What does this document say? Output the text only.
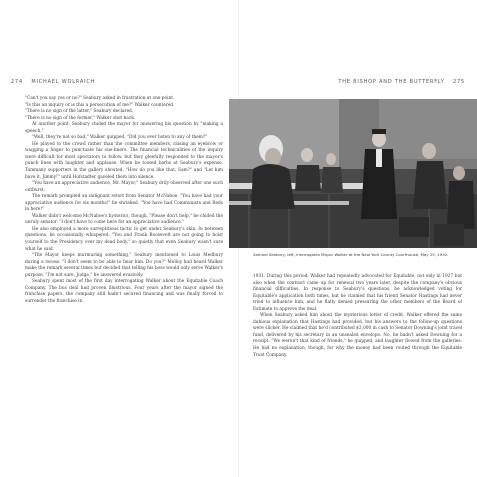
274 MICHAEL WOLRAICH

"Can't you say yes or no?" Seabury asked in frustration at one point.

"Is this an inquiry or is this a persecution of me?" Walker countered.

"There is no sign of the latter," Seabury declared.

"There is no sign of the former," Walker shot back.

At another point, Seabury chided the mayor for answering his question by "making a speech."

"Well, they're not so bad," Walker quipped. "Did you ever listen to any of them?"

He played to the crowd rather than the committee members, raising an eyebrow or wagging a finger to punctuate his one-liners. The financial technicalities of the inquiry were difficult for most spectators to follow, but they gleefully responded to the mayor's punch lines with laughter and applause. When he tossed barbs at Seabury's expense, Tammany supporters in the gallery shouted, "How do you like that, Sam?" and "Let him have it, Jimmy!" until Hofstadter gaveled them into silence.

"You have an appreciative audience, Mr. Mayor," Seabury drily observed after one such outburst.

The remark prompted an indignant retort from Senator McNaboe. "You have had your appreciative audience for six months!" he shrieked. "You have had Communists and Reds in here!"

Walker didn't welcome McNaboe's hysterics, though. "Please don't help," he chided the unruly senator. "I don't have to come here for an appreciative audience."

He also employed a more surreptitious tactic to get under Seabury's skin. In between questions, he occasionally whispered, "You and Frank Roosevelt are not going to hoist yourself to the Presidency over my dead body," so quietly that even Seabury wasn't sure what he said.

"The Mayor keeps murmuring something," Seabury mentioned to Louis Medbury during a recess. "I don't seem to be able to hear him. Do you?" Molloy had heard Walker make the remark several times but decided that telling his boss would only serve Walker's purpose. "I'm not sure, Judge," he answered evasively.

Seabury spent most of the first day interrogating Walker about the Equitable Coach Company. The bus deal had proven illustrious. Four years after the mayor signed the franchise papers, the company still hadn't secured financing and was finally forced to surrender the franchise in

THE BISHOP AND THE BUTTERFLY 275
Samuel Seabury, left, interrogates Mayor Walker at the New York County Courthouse, May 25, 1932.

1931. During this period, Walker had repeatedly advocated for Equitable, not only in 1927 but also when the contract came up for renewal two years later, despite the company's obvious financial difficulties. In response to Seabury's questions, he acknowledged voting for Equitable's application both times, but he claimed that his friend Senator Hastings had never tried to influence him, and he flatly denied pressuring the other members of the Board of Estimate to approve the deal.

When Seabury asked him about the mysterious letter of credit, Walker offered the same dubious explanation that Hastings had provided, but his answers to the follow-up questions were slicker. He claimed that he'd contributed $3,000 in cash to Senator Downing's joint travel fund, delivered by his secretary in an unsealed envelope. No, he hadn't asked Downing for a receipt. "We weren't that kind of friends," he quipped, and laughter flowed from the galleries. He had no explanation, though, for why the money had been routed through the Equitable Trust Company.
